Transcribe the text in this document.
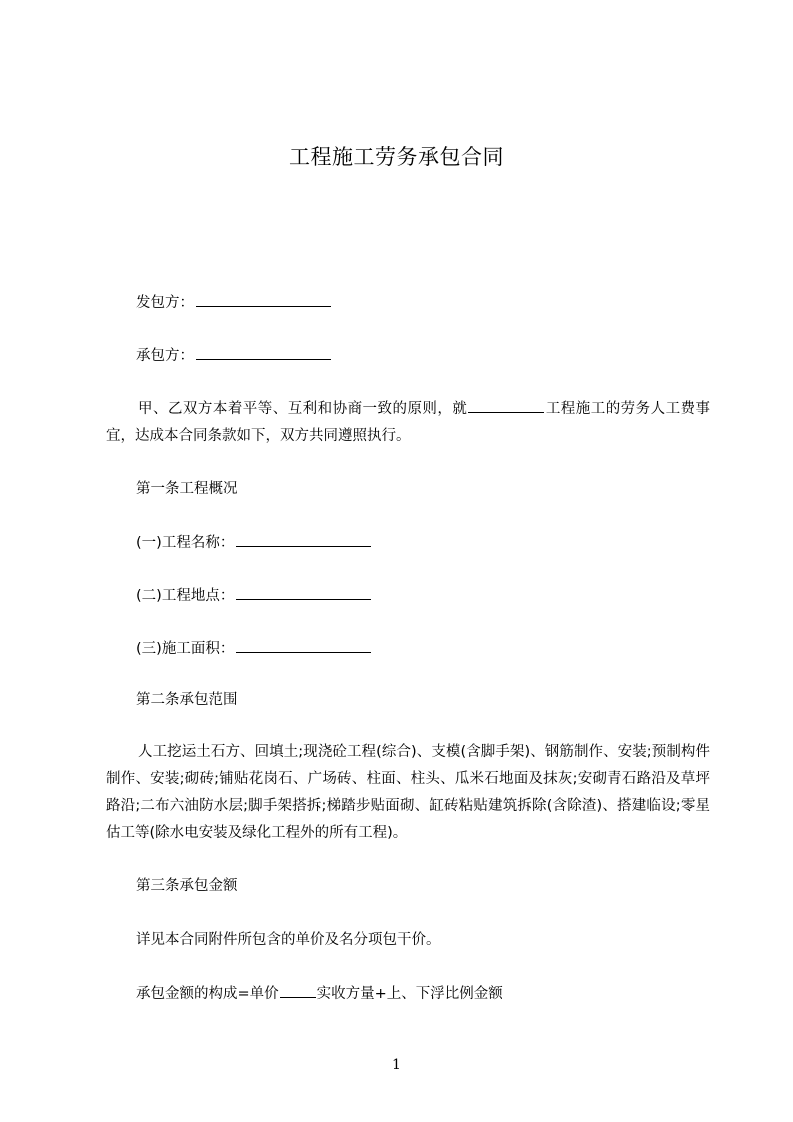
工程施工劳务承包合同
发包方：
承包方：
甲、乙双方本着平等、互利和协商一致的原则，就	工程施工的劳务人工费事宜，达成本合同条款如下，双方共同遵照执行。
第一条工程概况
(一)工程名称：
(二)工程地点：
(三)施工面积：
第二条承包范围
人工挖运土石方、回填土;现浇砼工程(综合)、支模(含脚手架)、钢筋制作、安装;预制构件制作、安装;砌砖;铺贴花岗石、广场砖、柱面、柱头、瓜米石地面及抹灰;安砌青石路沿及草坪路沿;二布六油防水层;脚手架搭拆;梯踏步贴面砌、缸砖粘贴建筑拆除(含除渣)、搭建临设;零星估工等(除水电安装及绿化工程外的所有工程)。
第三条承包金额
详见本合同附件所包含的单价及名分项包干价。
承包金额的构成=单价	实收方量+上、下浮比例金额
1
